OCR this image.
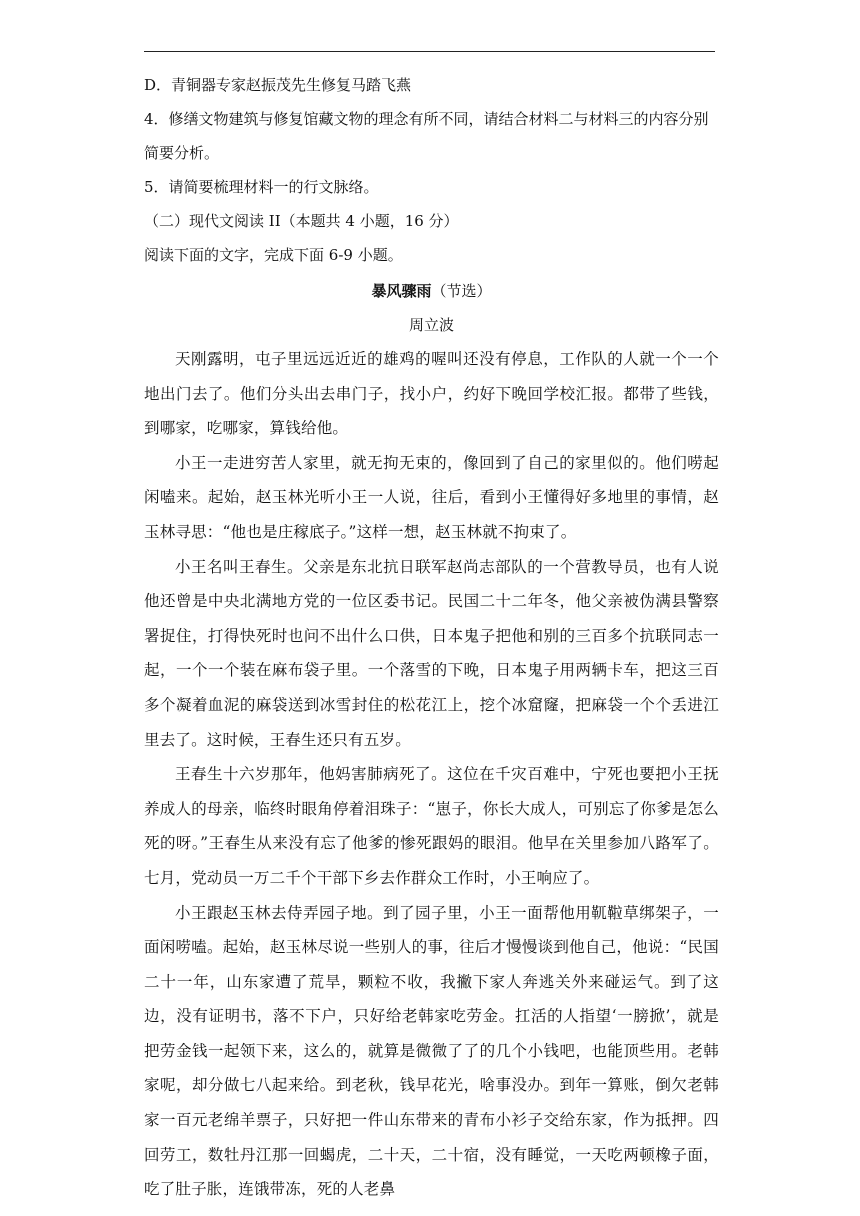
D．青铜器专家赵振茂先生修复马踏飞燕

4．修缮文物建筑与修复馆藏文物的理念有所不同，请结合材料二与材料三的内容分别简要分析。

5．请简要梳理材料一的行文脉络。

（二）现代文阅读 II（本题共 4 小题，16 分）

阅读下面的文字，完成下面 6-9 小题。

暴风骤雨（节选）

周立波

天刚露明，屯子里远远近近的雄鸡的喔叫还没有停息，工作队的人就一个一个地出门去了。他们分头出去串门子，找小户，约好下晚回学校汇报。都带了些钱，到哪家，吃哪家，算钱给他。

小王一走进穷苦人家里，就无拘无束的，像回到了自己的家里似的。他们唠起闲嗑来。起始，赵玉林光听小王一人说，往后，看到小王懂得好多地里的事情，赵玉林寻思：“他也是庄稼底子。”这样一想，赵玉林就不拘束了。

小王名叫王春生。父亲是东北抗日联军赵尚志部队的一个营教导员，也有人说他还曾是中央北满地方党的一位区委书记。民国二十二年冬，他父亲被伪满县警察署捉住，打得快死时也问不出什么口供，日本鬼子把他和别的三百多个抗联同志一起，一个一个装在麻布袋子里。一个落雪的下晚，日本鬼子用两辆卡车，把这三百多个凝着血泥的麻袋送到冰雪封住的松花江上，挖个冰窟窿，把麻袋一个个丢进江里去了。这时候，王春生还只有五岁。

王春生十六岁那年，他妈害肺病死了。这位在千灾百难中，宁死也要把小王抚养成人的母亲，临终时眼角停着泪珠子：“崽子，你长大成人，可别忘了你爹是怎么死的呀。”王春生从来没有忘了他爹的惨死跟妈的眼泪。他早在关里参加八路军了。七月，党动员一万二千个干部下乡去作群众工作时，小王响应了。

小王跟赵玉林去侍弄园子地。到了园子里，小王一面帮他用靰鞡草绑架子，一面闲唠嗑。起始，赵玉林尽说一些别人的事，往后才慢慢谈到他自己，他说：“民国二十一年，山东家遭了荒旱，颗粒不收，我撇下家人奔逃关外来碰运气。到了这边，没有证明书，落不下户，只好给老韩家吃劳金。扛活的人指望‘一膀掀’，就是把劳金钱一起领下来，这么的，就算是微微了了的几个小钱吧，也能顶些用。老韩家呢，却分做七八起来给。到老秋，钱早花光，啥事没办。到年一算账，倒欠老韩家一百元老绵羊票子，只好把一件山东带来的青布小衫子交给东家，作为抵押。四回劳工，数牡丹江那一回蝎虎，二十天，二十宿，没有睡觉，一天吃两顿橡子面，吃了肚子胀，连饿带冻，死的人老鼻
